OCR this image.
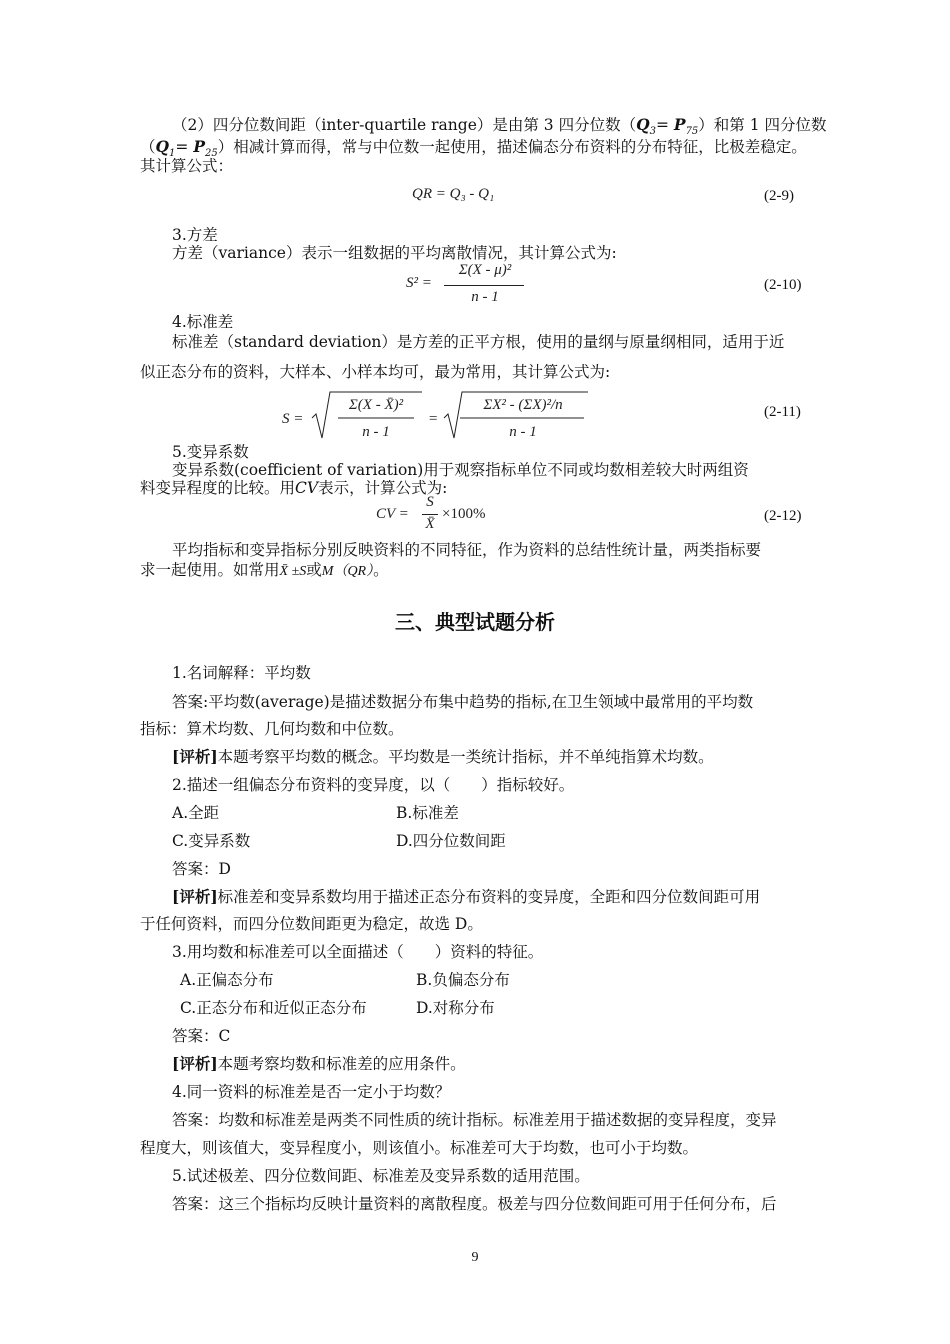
（2）四分位数间距（inter-quartile range）是由第 3 四分位数$(Q_3= P_{75})$和第 1 四分位数
$(Q_1= P_{25})$相减计算而得，常与中位数一起使用，描述偏态分布资料的分布特征，比极差稳定。
其计算公式：
QR = Q₃ - Q₁	(2-9)
3.方差
方差（variance）表示一组数据的平均离散情况，其计算公式为:
S² =
Σ(X - μ)²
n - 1
(2-10)
4.标准差
标准差（standard deviation）是方差的正平方根，使用的量纲与原量纲相同，适用于近
似正态分布的资料，大样本、小样本均可，最为常用，其计算公式为:
S =
Σ(X - X̄)²
n - 1
=
ΣX² - (ΣX)²/n
n - 1
(2-11)
5.变异系数
变异系数(coefficient of variation)用于观察指标单位不同或均数相差较大时两组资
料变异程度的比较。用CV表示，计算公式为:
CV =
S
X̄
×100%	(2-12)
平均指标和变异指标分别反映资料的不同特征，作为资料的总结性统计量，两类指标要
求一起使用。如常用X̄ ±S或M（QR）。
三、典型试题分析
1.名词解释：平均数
答案:平均数(average)是描述数据分布集中趋势的指标,在卫生领域中最常用的平均数
指标：算术均数、几何均数和中位数。
[评析]本题考察平均数的概念。平均数是一类统计指标，并不单纯指算术均数。
2.描述一组偏态分布资料的变异度，以（　　）指标较好。
A.全距	B.标准差
C.变异系数	D.四分位数间距
答案：D
[评析]标准差和变异系数均用于描述正态分布资料的变异度，全距和四分位数间距可用
于任何资料，而四分位数间距更为稳定，故选 D。
3.用均数和标准差可以全面描述（　　）资料的特征。
A.正偏态分布	B.负偏态分布
C.正态分布和近似正态分布	D.对称分布
答案：C
[评析]本题考察均数和标准差的应用条件。
4.同一资料的标准差是否一定小于均数？
答案：均数和标准差是两类不同性质的统计指标。标准差用于描述数据的变异程度，变异
程度大，则该值大，变异程度小，则该值小。标准差可大于均数，也可小于均数。
5.试述极差、四分位数间距、标准差及变异系数的适用范围。
答案：这三个指标均反映计量资料的离散程度。极差与四分位数间距可用于任何分布，后
9
